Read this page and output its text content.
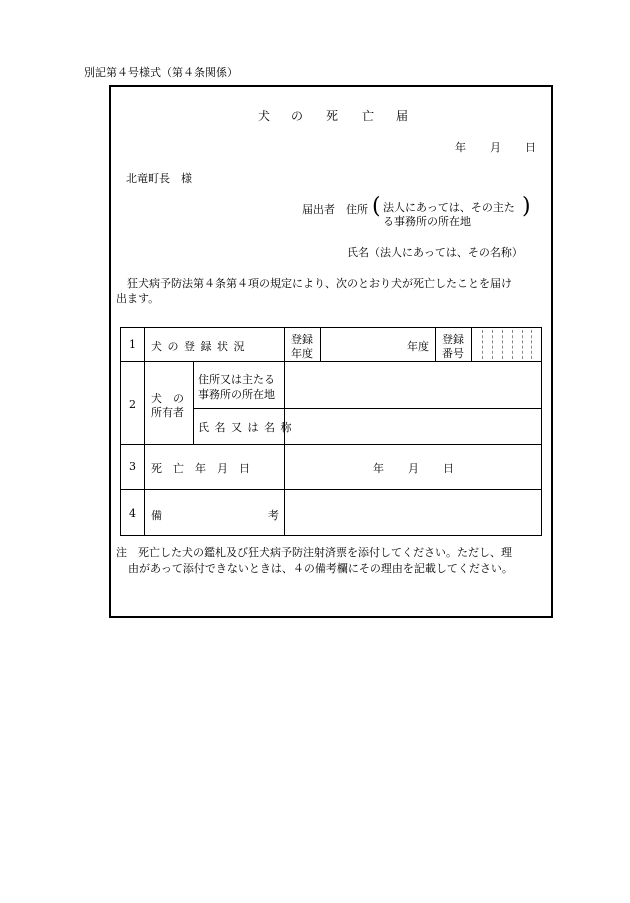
別記第４号様式（第４条関係）
犬 の 死 亡 届
年 月 日
北竜町長　様
届出者　住所 ( 法人にあっては、その主た
る事務所の所在地
)
氏名（法人にあっては、その名称）
狂犬病予防法第４条第４項の規定により、次のとおり犬が死亡したことを届け
出ます。
1 犬 の 登 録 状 況
登録
年度
年度
登録
番号
2 犬　の
所有者
住所又は主たる
事務所の所在地
氏 名 又 は 名 称
3 死　亡　年　月　日	年 月 日
4 備	考
注　死亡した犬の鑑札及び狂犬病予防注射済票を添付してください。ただし、理
由があって添付できないときは、４の備考欄にその理由を記載してください。
